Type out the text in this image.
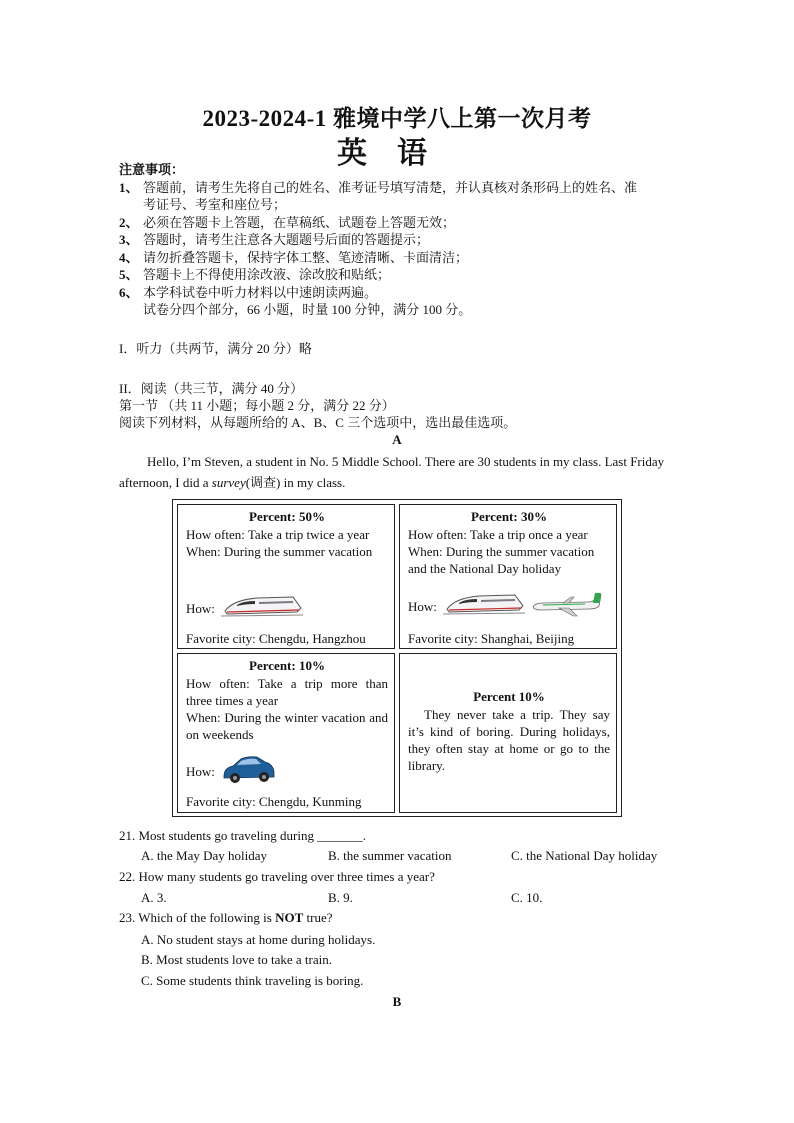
2023-2024-1 雅境中学八上第一次月考
英语
注意事项：
1、 答题前，请考生先将自己的姓名、准考证号填写清楚，并认真核对条形码上的姓名、准
考证号、考室和座位号；
2、 必须在答题卡上答题，在草稿纸、试题卷上答题无效；
3、 答题时，请考生注意各大题题号后面的答题提示；
4、 请勿折叠答题卡，保持字体工整、笔迹清晰、卡面清洁；
5、 答题卡上不得使用涂改液、涂改胶和贴纸；
6、 本学科试卷中听力材料以中速朗读两遍。
试卷分四个部分，66 小题，时量 100 分钟，满分 100 分。
I．听力（共两节，满分 20 分）略
II．阅读（共三节，满分 40 分）
第一节 （共 11 小题；每小题 2 分，满分 22 分）
阅读下列材料，从每题所给的 A、B、C 三个选项中，选出最佳选项。
A
Hello, I’m Steven, a student in No. 5 Middle School. There are 30 students in my class. Last Friday afternoon, I did a survey(调查) in my class.
Percent: 50%
How often: Take a trip twice a year
When: During the summer vacation
How:
Favorite city: Chengdu, Hangzhou
Percent: 30%
How often: Take a trip once a year
When: During the summer vacation and the National Day holiday
How:
Favorite city: Shanghai, Beijing
Percent: 10%
How often: Take a trip more than three times a year
When: During the winter vacation and on weekends
How:
Favorite city: Chengdu, Kunming
Percent 10%
They never take a trip. They say it’s kind of boring. During holidays, they often stay at home or go to the library.
21. Most students go traveling during _______.
A. the May Day holiday	B. the summer vacation	C. the National Day holiday
22. How many students go traveling over three times a year?
A. 3.	B. 9.	C. 10.
23. Which of the following is NOT true?
A. No student stays at home during holidays.
B. Most students love to take a train.
C. Some students think traveling is boring.
B
